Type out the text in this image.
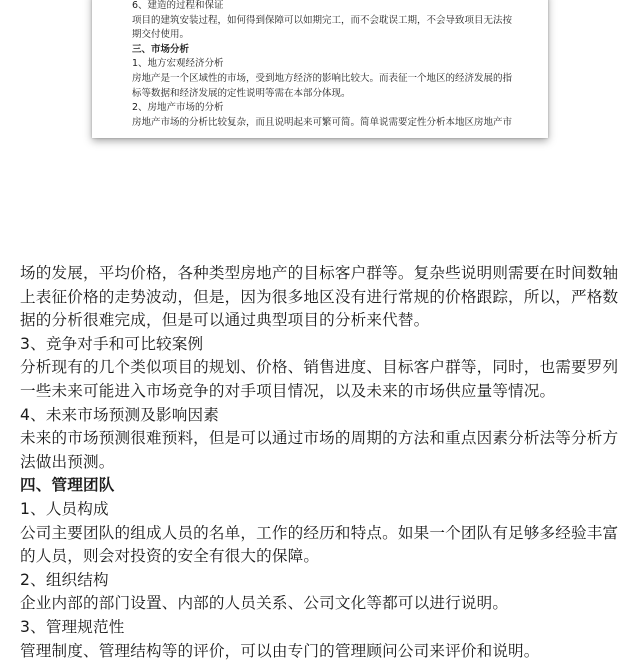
6、建造的过程和保证
项目的建筑安装过程，如何得到保障可以如期完工，而不会耽误工期，不会导致项目无法按
期交付使用。
三、市场分析
1、地方宏观经济分析
房地产是一个区域性的市场，受到地方经济的影响比较大。而表征一个地区的经济发展的指
标等数据和经济发展的定性说明等需在本部分体现。
2、房地产市场的分析
房地产市场的分析比较复杂，而且说明起来可繁可简。简单说需要定性分析本地区房地产市

场的发展，平均价格，各种类型房地产的目标客户群等。复杂些说明则需要在时间数轴上表征价格的走势波动，但是，因为很多地区没有进行常规的价格跟踪，所以，严格数据的分析很难完成，但是可以通过典型项目的分析来代替。

3、竞争对手和可比较案例

分析现有的几个类似项目的规划、价格、销售进度、目标客户群等，同时，也需要罗列一些未来可能进入市场竞争的对手项目情况，以及未来的市场供应量等情况。

4、未来市场预测及影响因素

未来的市场预测很难预料，但是可以通过市场的周期的方法和重点因素分析法等分析方法做出预测。

四、管理团队

1、人员构成

公司主要团队的组成人员的名单，工作的经历和特点。如果一个团队有足够多经验丰富的人员，则会对投资的安全有很大的保障。

2、组织结构

企业内部的部门设置、内部的人员关系、公司文化等都可以进行说明。

3、管理规范性

管理制度、管理结构等的评价，可以由专门的管理顾问公司来评价和说明。
